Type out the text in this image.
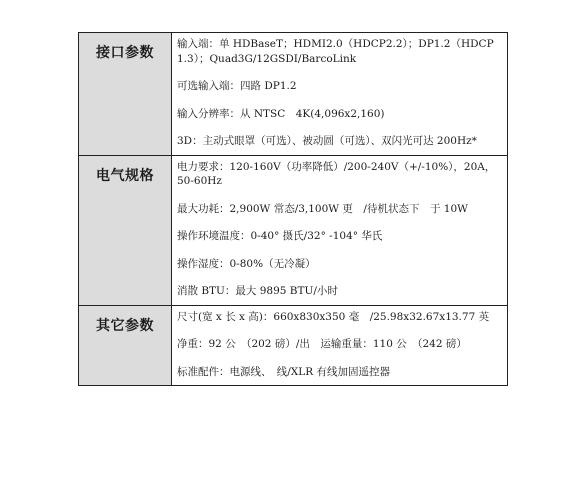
接口参数	输入端：单 HDBaseT；HDMI2.0（HDCP2.2）；DP1.2（HDCP1.3）；Quad3G/12GSDI/BarcoLink
可选输入端：四路 DP1.2
输入分辨率：从 NTSC　4K(4,096x2,160)
3D：主动式眼罩（可选）、被动圆（可选）、双闪光可达 200Hz*

电气规格	电力要求：120-160V（功率降低）/200-240V（+/-10%），20A，50-60Hz
最大功耗：2,900W 常态/3,100W 更　/待机状态下　于 10W
操作环境温度：0-40° 摄氏/32° -104° 华氏
操作湿度：0-80%（无冷凝）
消散 BTU：最大 9895 BTU/小时

其它参数	尺寸(宽 x 长 x 高)：660x830x350 毫　/25.98x32.67x13.77 英
净重：92 公　（202 磅）/出　运输重量：110 公　（242 磅）
标准配件：电源线、　线/XLR 有线加固遥控器
